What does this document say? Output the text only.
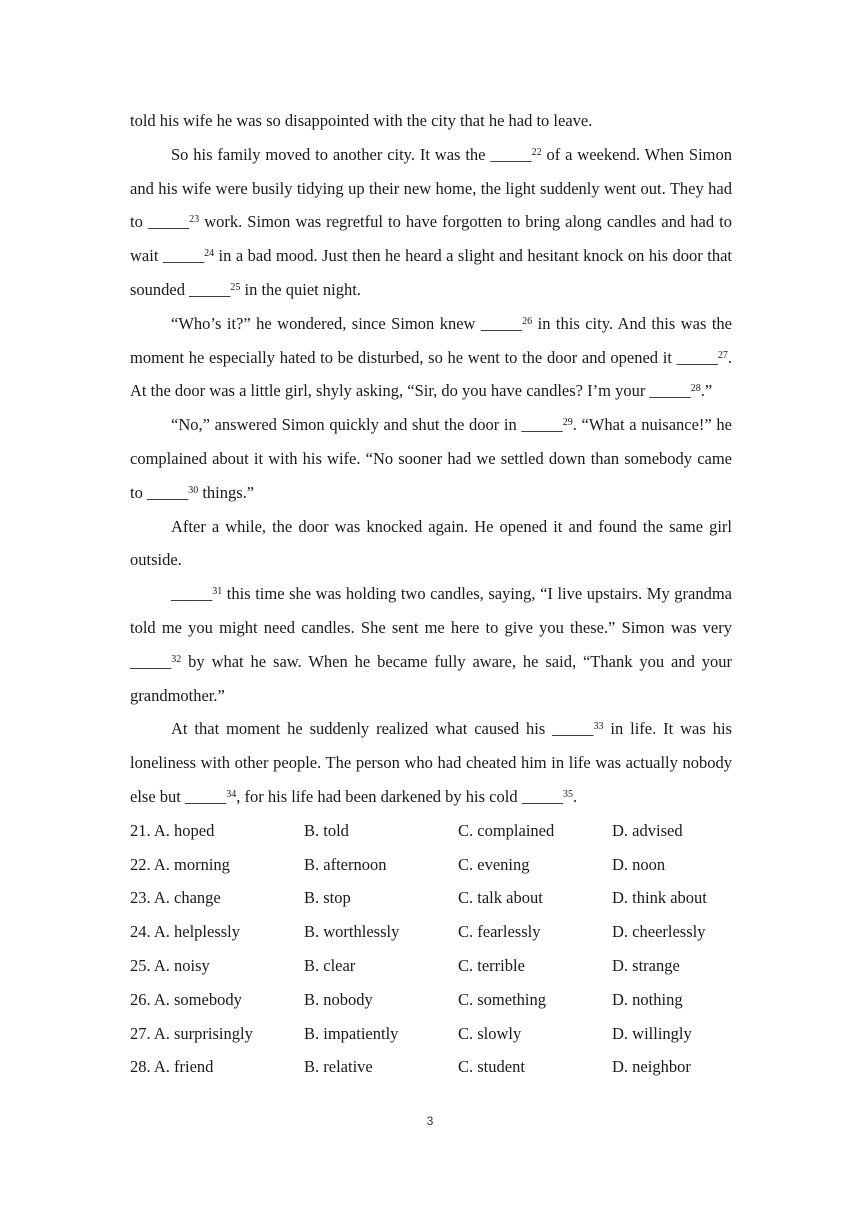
told his wife he was so disappointed with the city that he had to leave.

So his family moved to another city. It was the _____$^{22}$ of a weekend. When Simon and his wife were busily tidying up their new home, the light suddenly went out. They had to _____$^{23}$ work. Simon was regretful to have forgotten to bring along candles and had to wait _____$^{24}$ in a bad mood. Just then he heard a slight and hesitant knock on his door that sounded _____$^{25}$ in the quiet night.

“Who’s it?” he wondered, since Simon knew _____$^{26}$ in this city. And this was the moment he especially hated to be disturbed, so he went to the door and opened it _____$^{27}$. At the door was a little girl, shyly asking, “Sir, do you have candles? I’m your _____$^{28}$.”

“No,” answered Simon quickly and shut the door in _____$^{29}$. “What a nuisance!” he complained about it with his wife. “No sooner had we settled down than somebody came to _____$^{30}$ things.”

After a while, the door was knocked again. He opened it and found the same girl outside.

_____$^{31}$ this time she was holding two candles, saying, “I live upstairs. My grandma told me you might need candles. She sent me here to give you these.” Simon was very _____$^{32}$ by what he saw. When he became fully aware, he said, “Thank you and your grandmother.”

At that moment he suddenly realized what caused his _____$^{33}$ in life. It was his loneliness with other people. The person who had cheated him in life was actually nobody else but _____$^{34}$, for his life had been darkened by his cold _____$^{35}$.

21. A. hoped	B. told	C. complained	D. advised
22. A. morning	B. afternoon	C. evening	D. noon
23. A. change	B. stop	C. talk about	D. think about
24. A. helplessly	B. worthlessly	C. fearlessly	D. cheerlessly
25. A. noisy	B. clear	C. terrible	D. strange
26. A. somebody	B. nobody	C. something	D. nothing
27. A. surprisingly	B. impatiently	C. slowly	D. willingly
28. A. friend	B. relative	C. student	D. neighbor
3
